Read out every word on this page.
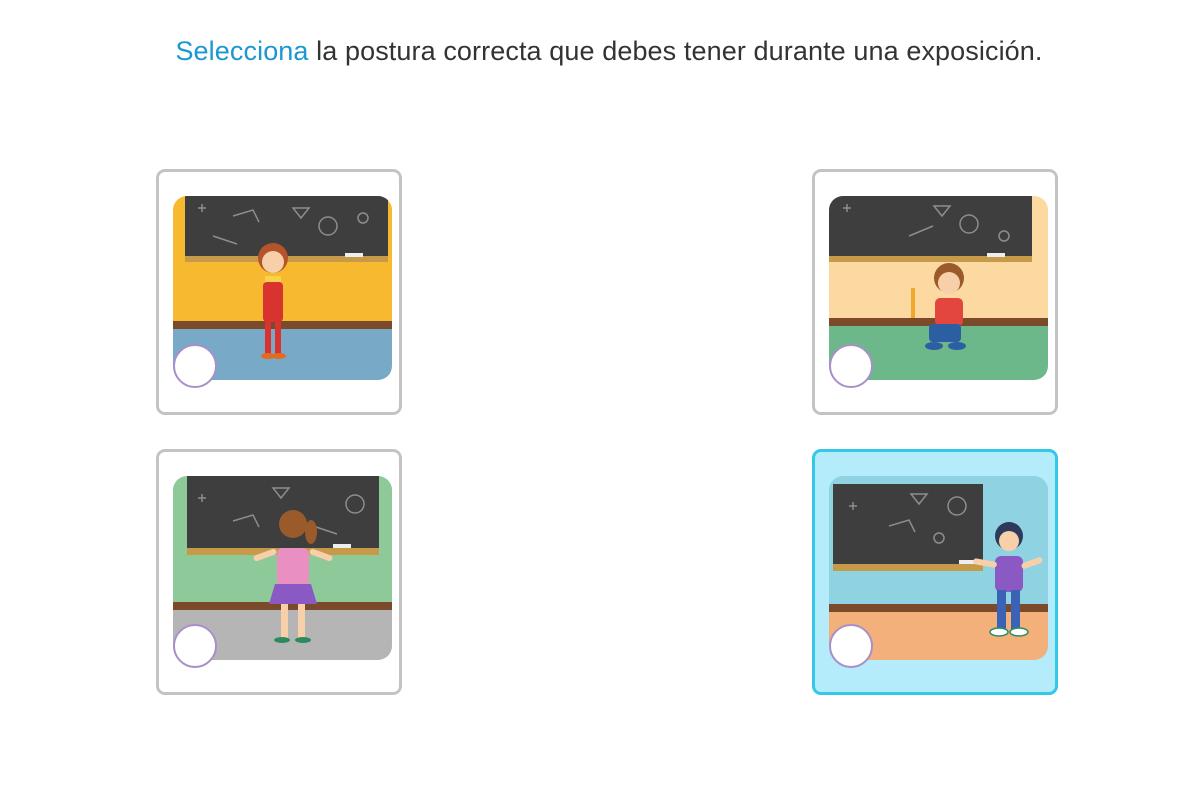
Selecciona la postura correcta que debes tener durante una exposición.
